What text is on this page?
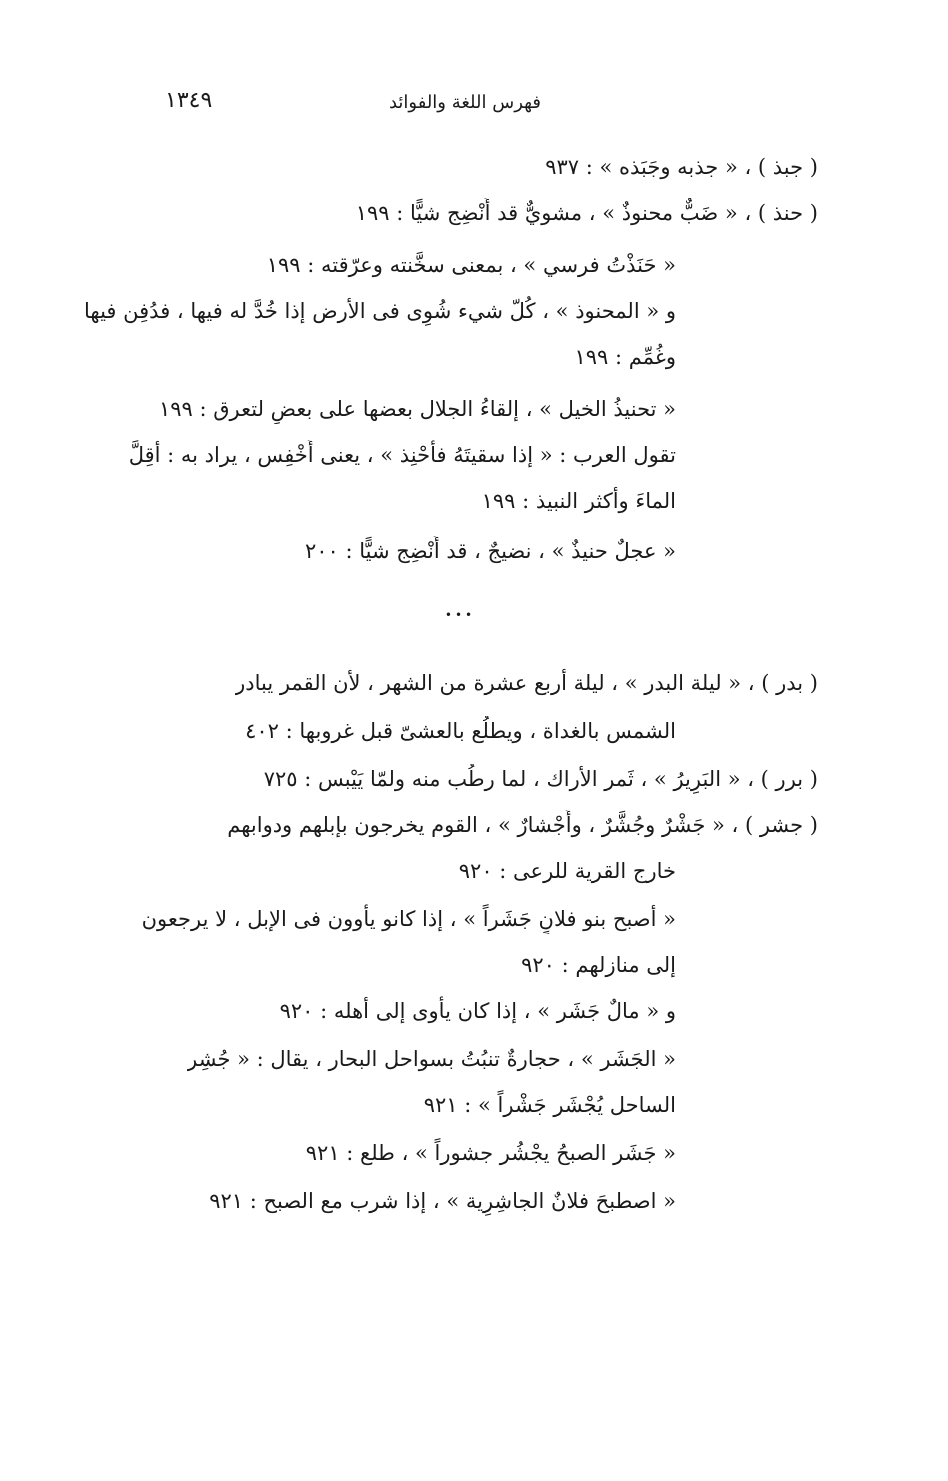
فهرس اللغة والفوائد
١٣٤٩
( جبذ ) ، « جذبه وجَبَذه » : ٩٣٧
( حنذ ) ، « ضَبٌّ محنوذٌ » ، مشويٌّ قد أُنْضِج شيًّا : ١٩٩
« حَنَذْتُ فرسي » ، بمعنى سخَّنته وعرّقته : ١٩٩
و « المحنوذ » ، كُلّ شيء شُوِى فى الأرض إذا خُدَّ له فيها ، فدُفِن فيها
وغُمِّم : ١٩٩
« تحنيذُ الخيل » ، إلقاءُ الجلال بعضها على بعضٍ لتعرق : ١٩٩
تقول العرب : « إذا سقيتَهُ فأحْنِذ » ، يعنى أَخْفِس ، يراد به : أقِلَّ
الماءَ وأكثر النبيذ : ١٩٩
« عجلٌ حنيذٌ » ، نضيجٌ ، قد أُنْضِج شيًّا : ٢٠٠
•••
( بدر ) ، « ليلة البدر » ، ليلة أربع عشرة من الشهر ، لأن القمر يبادر
الشمس بالغداة ، ويطلُع بالعشىّ قبل غروبها : ٤٠٢
( برر ) ، « البَرِيرُ » ، ثَمر الأراك ، لما رطُب منه ولمّا يَيْبس : ٧٢٥
( جشر ) ، « جَشْرٌ وجُشَّرٌ ، وأَجْشارٌ » ، القوم يخرجون بإبلهم ودوابهم
خارج القرية للرعى : ٩٢٠
« أصبح بنو فلانٍ جَشَراً » ، إذا كانو يأوون فى الإبل ، لا يرجعون
إلى منازلهم : ٩٢٠
و « مالٌ جَشَر » ، إذا كان يأوى إلى أهله : ٩٢٠
« الجَشَر » ، حجارةٌ تنبُتُ بسواحل البحار ، يقال : « جُشِر
الساحل يُجْشَر جَشْراً » : ٩٢١
« جَشَر الصبحُ يجْشُر جشوراً » ، طلع : ٩٢١
« اصطبحَ فلانٌ الجاشِرِية » ، إذا شرب مع الصبح : ٩٢١
